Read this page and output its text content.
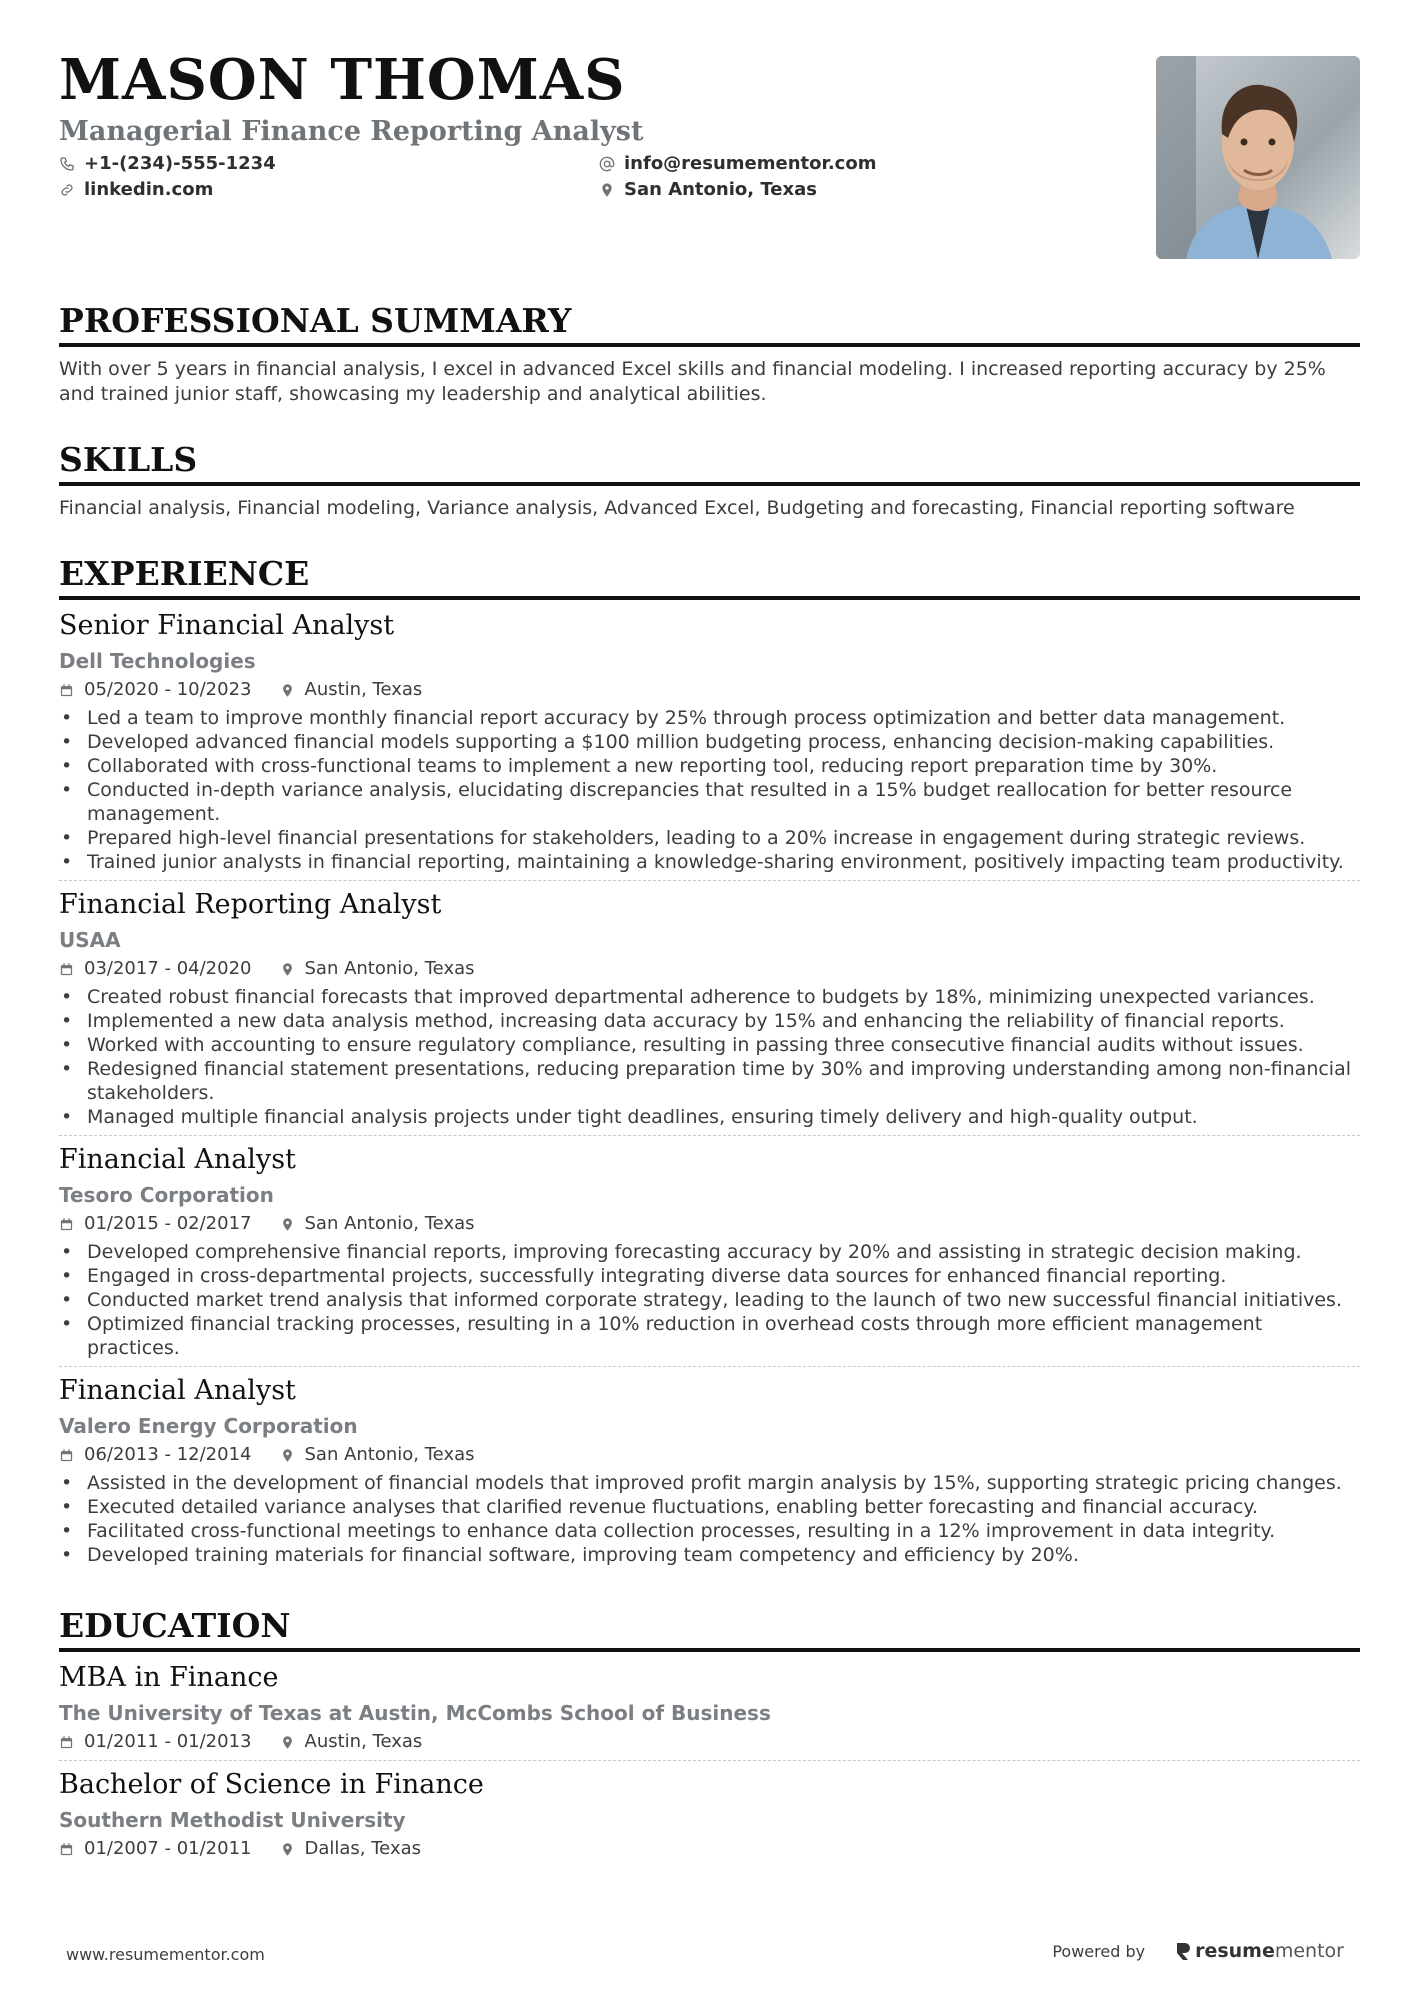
MASON THOMAS
Managerial Finance Reporting Analyst
+1-(234)-555-1234
linkedin.com
info@resumementor.com
San Antonio, Texas
PROFESSIONAL SUMMARY
With over 5 years in financial analysis, I excel in advanced Excel skills and financial modeling. I increased reporting accuracy by 25% and trained junior staff, showcasing my leadership and analytical abilities.
SKILLS
Financial analysis, Financial modeling, Variance analysis, Advanced Excel, Budgeting and forecasting, Financial reporting software
EXPERIENCE
Senior Financial Analyst
Dell Technologies
05/2020 - 10/2023	Austin, Texas
• Led a team to improve monthly financial report accuracy by 25% through process optimization and better data management.
• Developed advanced financial models supporting a $100 million budgeting process, enhancing decision-making capabilities.
• Collaborated with cross-functional teams to implement a new reporting tool, reducing report preparation time by 30%.
• Conducted in-depth variance analysis, elucidating discrepancies that resulted in a 15% budget reallocation for better resource management.
• Prepared high-level financial presentations for stakeholders, leading to a 20% increase in engagement during strategic reviews.
• Trained junior analysts in financial reporting, maintaining a knowledge-sharing environment, positively impacting team productivity.
Financial Reporting Analyst
USAA
03/2017 - 04/2020	San Antonio, Texas
• Created robust financial forecasts that improved departmental adherence to budgets by 18%, minimizing unexpected variances.
• Implemented a new data analysis method, increasing data accuracy by 15% and enhancing the reliability of financial reports.
• Worked with accounting to ensure regulatory compliance, resulting in passing three consecutive financial audits without issues.
• Redesigned financial statement presentations, reducing preparation time by 30% and improving understanding among non-financial stakeholders.
• Managed multiple financial analysis projects under tight deadlines, ensuring timely delivery and high-quality output.
Financial Analyst
Tesoro Corporation
01/2015 - 02/2017	San Antonio, Texas
• Developed comprehensive financial reports, improving forecasting accuracy by 20% and assisting in strategic decision making.
• Engaged in cross-departmental projects, successfully integrating diverse data sources for enhanced financial reporting.
• Conducted market trend analysis that informed corporate strategy, leading to the launch of two new successful financial initiatives.
• Optimized financial tracking processes, resulting in a 10% reduction in overhead costs through more efficient management practices.
Financial Analyst
Valero Energy Corporation
06/2013 - 12/2014	San Antonio, Texas
• Assisted in the development of financial models that improved profit margin analysis by 15%, supporting strategic pricing changes.
• Executed detailed variance analyses that clarified revenue fluctuations, enabling better forecasting and financial accuracy.
• Facilitated cross-functional meetings to enhance data collection processes, resulting in a 12% improvement in data integrity.
• Developed training materials for financial software, improving team competency and efficiency by 20%.
EDUCATION
MBA in Finance
The University of Texas at Austin, McCombs School of Business
01/2011 - 01/2013	Austin, Texas
Bachelor of Science in Finance
Southern Methodist University
01/2007 - 01/2011	Dallas, Texas
www.resumementor.com	Powered by	resume mentor
